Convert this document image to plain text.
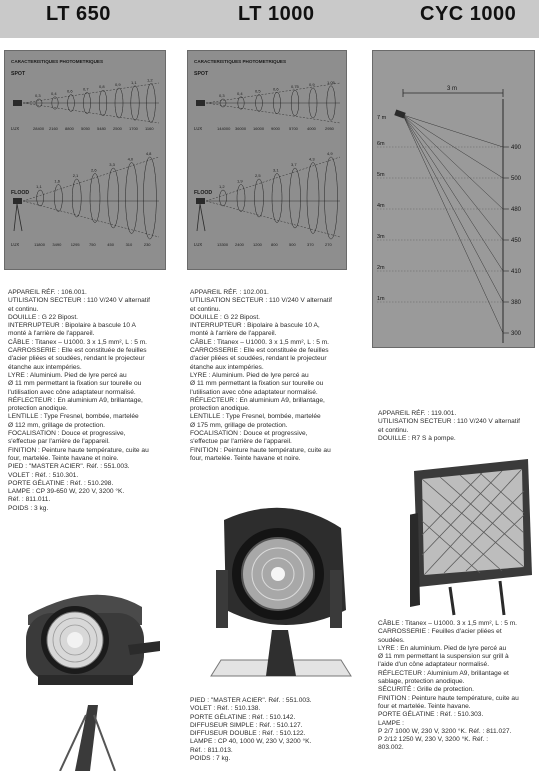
LT 650	LT 1000	CYC 1000
CARACTERISTIQUES PHOTOMETRIQUES
SPOT
FLOOD
LUX
LUX
0,3
28400
0,4
2160
0,6
8800
0,7
5050
0,8
5480
0,9
2500
1,1
1700
1,2
1160
1,1
11800
1,6
3490
2,1
1295
2,6
750
3,3
450
4,0
310
4,8
230
CARACTERISTIQUES PHOTOMETRIQUES
SPOT
FLOOD
LUX
LUX
0,3
144000
0,4
36000
0,5
16000
0,6
9000
0,75
5700
0,9
4000
1,05
2950
1,2
13300
1,9
2400
2,5
1200
3,1
800
3,7
500
4,3
370
4,9
270
3 m
7 m
6m
5m
4m
3m
2m
1m
490
500
480
450
410
380
300
APPAREIL RÉF. : 106.001.
UTILISATION SECTEUR : 110 V/240 V alternatif
et continu.
DOUILLE : G 22 Bipost.
INTERRUPTEUR : Bipolaire à bascule 10 A
monté à l'arrière de l'appareil.
CÂBLE : Titanex – U1000. 3 x 1,5 mm², L : 5 m.
CARROSSERIE : Elle est constituée de feuilles
d'acier pliées et soudées, rendant le projecteur
étanche aux intempéries.
LYRE : Aluminium. Pied de lyre percé au
Ø 11 mm permettant la fixation sur tourelle ou
l'utilisation avec cône adaptateur normalisé.
RÉFLECTEUR : En aluminium A9, brillantage,
protection anodique.
LENTILLE : Type Fresnel, bombée, martelée
Ø 112 mm, grillage de protection.
FOCALISATION : Douce et progressive,
s'effectue par l'arrière de l'appareil.
FINITION : Peinture haute température, cuite au
four, martelée. Teinte havane et noire.
PIED : "MASTER ACIER". Réf. : 551.003.
VOLET : Réf. : 510.301.
PORTE GÉLATINE : Réf. : 510.298.
LAMPE : CP 39-650 W, 220 V, 3200 °K.
Réf. : 811.011.
POIDS : 3 kg.
APPAREIL RÉF. : 102.001.
UTILISATION SECTEUR : 110 V/240 V alternatif
et continu.
DOUILLE : G 22 Bipost.
INTERRUPTEUR : Bipolaire à bascule 10 A,
monté à l'arrière de l'appareil.
CÂBLE : Titanex – U1000. 3 x 1,5 mm², L : 5 m.
CARROSSERIE : Elle est constituée de feuilles
d'acier pliées et soudées, rendant le projecteur
étanche aux intempéries.
LYRE : Aluminium. Pied de lyre percé au
Ø 11 mm permettant la fixation sur tourelle ou
l'utilisation avec cône adaptateur normalisé.
RÉFLECTEUR : En aluminium A9, brillantage,
protection anodique.
LENTILLE : Type Fresnel, bombée, martelée
Ø 175 mm, grillage de protection.
FOCALISATION : Douce et progressive,
s'effectue par l'arrière de l'appareil.
FINITION : Peinture haute température, cuite au
four, martelée. Teinte havane et noire.
PIED : "MASTER ACIER". Réf. : 551.003.
VOLET : Réf. : 510.138.
PORTE GÉLATINE : Réf. : 510.142.
DIFFUSEUR SIMPLE : Réf. : 510.127.
DIFFUSEUR DOUBLE : Réf. : 510.122.
LAMPE : CP 40, 1000 W, 230 V, 3200 °K.
Réf. : 811.013.
POIDS : 7 kg.
APPAREIL RÉF. : 119.001.
UTILISATION SECTEUR : 110 V/240 V alternatif
et continu.
DOUILLE : R7 S à pompe.
CÂBLE : Titanex – U1000. 3 x 1,5 mm², L : 5 m.
CARROSSERIE : Feuilles d'acier pliées et
soudées.
LYRE : En aluminium. Pied de lyre percé au
Ø 11 mm permettant la suspension sur grill à
l'aide d'un cône adaptateur normalisé.
RÉFLECTEUR : Aluminium A9, brillantage et
sablage, protection anodique.
SÉCURITÉ : Grille de protection.
FINITION : Peinture haute température, cuite au
four et martelée. Teinte havane.
PORTE GÉLATINE : Réf. : 510.303.
LAMPE :
P 2/7 1000 W, 230 V, 3200 °K. Réf. : 811.027.
P 2/12 1250 W, 230 V, 3200 °K. Réf. :
803.002.
